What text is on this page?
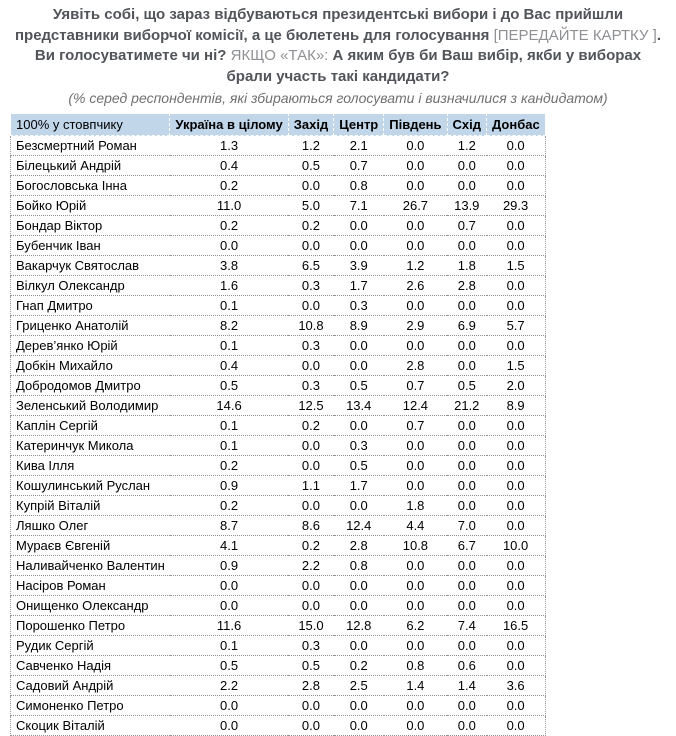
Уявіть собі, що зараз відбуваються президентські вибори і до Вас прийшли представники виборчої комісії, а це бюлетень для голосування [ПЕРЕДАЙТЕ КАРТКУ ]. Ви голосуватимете чи ні? ЯКЩО «ТАК»: А яким був би Ваш вибір, якби у виборах брали участь такі кандидати?
(% серед респондентів, які збираються голосувати і визначилися з кандидатом)
100% у стовпчику	Україна в цілому	Захід	Центр	Південь	Схід	Донбас
Безсмертний Роман	1.3	1.2	2.1	0.0	1.2	0.0
Білецький Андрій	0.4	0.5	0.7	0.0	0.0	0.0
Богословська Інна	0.2	0.0	0.8	0.0	0.0	0.0
Бойко Юрій	11.0	5.0	7.1	26.7	13.9	29.3
Бондар Віктор	0.2	0.2	0.0	0.0	0.7	0.0
Бубенчик Іван	0.0	0.0	0.0	0.0	0.0	0.0
Вакарчук Святослав	3.8	6.5	3.9	1.2	1.8	1.5
Вілкул Олександр	1.6	0.3	1.7	2.6	2.8	0.0
Гнап Дмитро	0.1	0.0	0.3	0.0	0.0	0.0
Гриценко Анатолій	8.2	10.8	8.9	2.9	6.9	5.7
Дерев’янко Юрій	0.1	0.3	0.0	0.0	0.0	0.0
Добкін Михайло	0.4	0.0	0.0	2.8	0.0	1.5
Добродомов Дмитро	0.5	0.3	0.5	0.7	0.5	2.0
Зеленський Володимир	14.6	12.5	13.4	12.4	21.2	8.9
Каплін Сергій	0.1	0.2	0.0	0.7	0.0	0.0
Катеринчук Микола	0.1	0.0	0.3	0.0	0.0	0.0
Кива Ілля	0.2	0.0	0.5	0.0	0.0	0.0
Кошулинський Руслан	0.9	1.1	1.7	0.0	0.0	0.0
Купрій Віталій	0.2	0.0	0.0	1.8	0.0	0.0
Ляшко Олег	8.7	8.6	12.4	4.4	7.0	0.0
Мураєв Євгеній	4.1	0.2	2.8	10.8	6.7	10.0
Наливайченко Валентин	0.9	2.2	0.8	0.0	0.0	0.0
Насіров Роман	0.0	0.0	0.0	0.0	0.0	0.0
Онищенко Олександр	0.0	0.0	0.0	0.0	0.0	0.0
Порошенко Петро	11.6	15.0	12.8	6.2	7.4	16.5
Рудик Сергій	0.1	0.3	0.0	0.0	0.0	0.0
Савченко Надія	0.5	0.5	0.2	0.8	0.6	0.0
Садовий Андрій	2.2	2.8	2.5	1.4	1.4	3.6
Симоненко Петро	0.0	0.0	0.0	0.0	0.0	0.0
Скоцик Віталій	0.0	0.0	0.0	0.0	0.0	0.0
